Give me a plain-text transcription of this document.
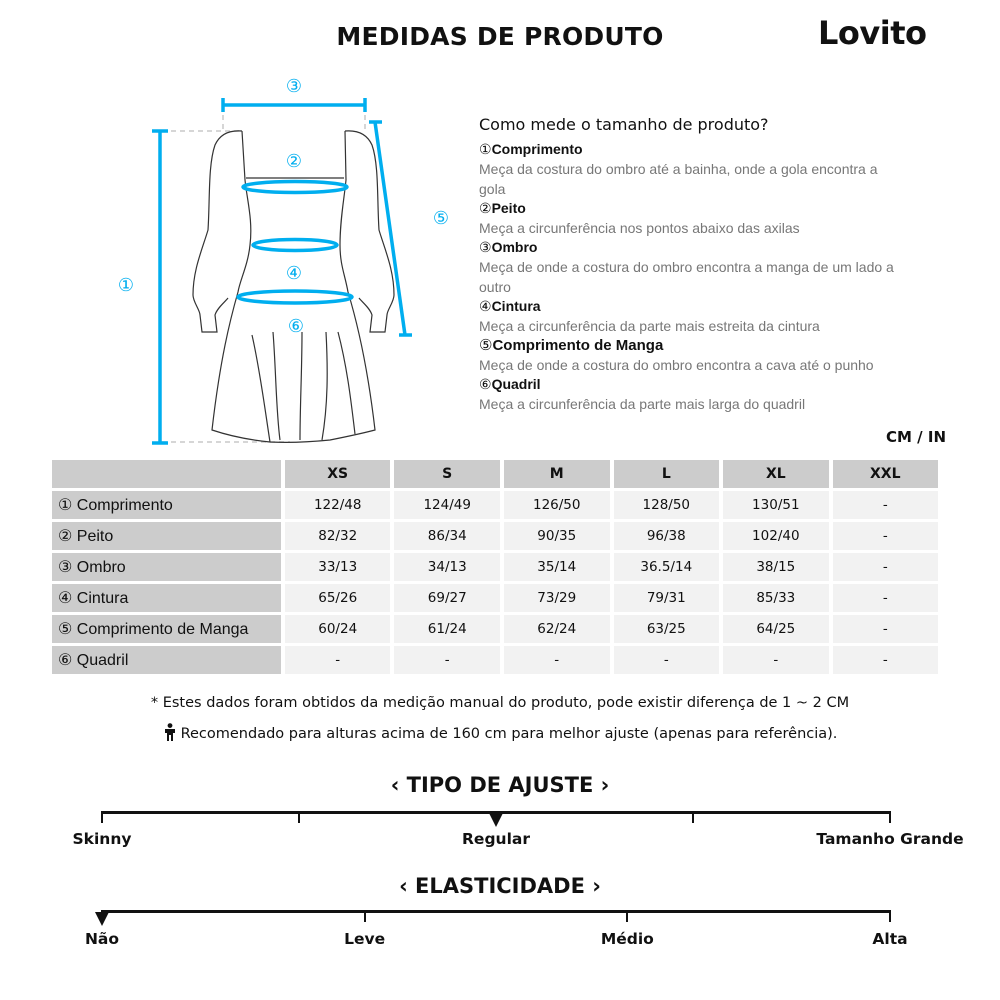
MEDIDAS DE PRODUTO	Lovito
①
②
③
④
⑤
⑥
Como mede o tamanho de produto?
①Comprimento
Meça da costura do ombro até a bainha, onde a gola encontra a gola
②Peito
Meça a circunferência nos pontos abaixo das axilas
③Ombro
Meça de onde a costura do ombro encontra a manga de um lado a outro
④Cintura
Meça a circunferência da parte mais estreita da cintura
⑤Comprimento de Manga
Meça de onde a costura do ombro encontra a cava até o punho
⑥Quadril
Meça a circunferência da parte mais larga do quadril
CM / IN
	XS	S	M	L	XL	XXL
① Comprimento	122/48	124/49	126/50	128/50	130/51	-
② Peito	82/32	86/34	90/35	96/38	102/40	-
③ Ombro	33/13	34/13	35/14	36.5/14	38/15	-
④ Cintura	65/26	69/27	73/29	79/31	85/33	-
⑤ Comprimento de Manga	60/24	61/24	62/24	63/25	64/25	-
⑥ Quadril	-	-	-	-	-	-
* Estes dados foram obtidos da medição manual do produto, pode existir diferença de 1 ~ 2 CM
Recomendado para alturas acima de 160 cm para melhor ajuste (apenas para referência).
‹ TIPO DE AJUSTE ›
Skinny	Regular	Tamanho Grande
‹ ELASTICIDADE ›
Não	Leve	Médio	Alta
